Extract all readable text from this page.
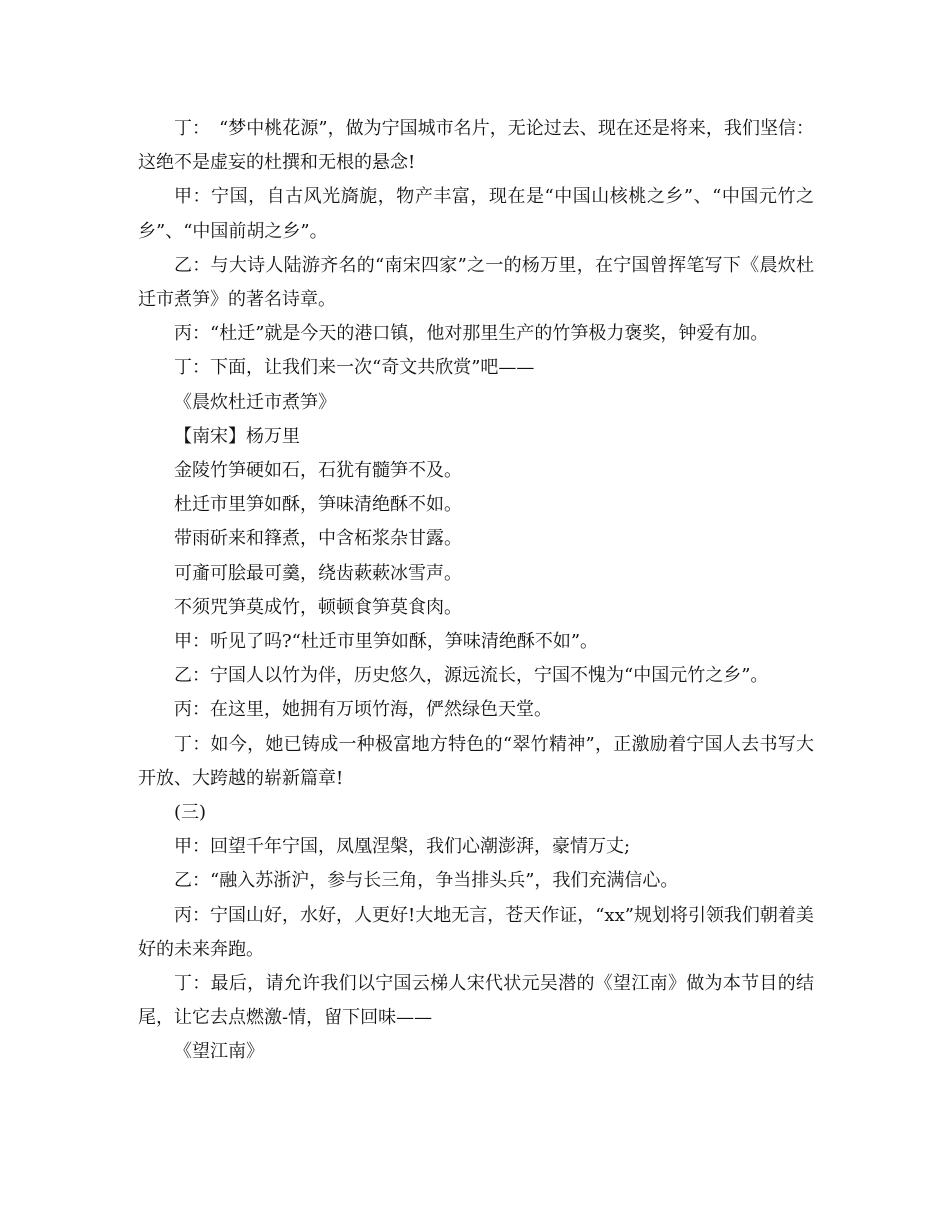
丁：　“梦中桃花源”，做为宁国城市名片，无论过去、现在还是将来，我们坚信：这绝不是虚妄的杜撰和无根的悬念!

甲：宁国，自古风光旖旎，物产丰富，现在是“中国山核桃之乡”、“中国元竹之乡”、“中国前胡之乡”。

乙：与大诗人陆游齐名的“南宋四家”之一的杨万里，在宁国曾挥笔写下《晨炊杜迁市煮笋》的著名诗章。

丙：“杜迁”就是今天的港口镇，他对那里生产的竹笋极力褒奖，钟爱有加。

丁：下面，让我们来一次“奇文共欣赏”吧——

《晨炊杜迁市煮笋》

【南宋】杨万里

金陵竹笋硬如石，石犹有髓笋不及。

杜迁市里笋如酥，笋味清绝酥不如。

带雨斫来和箨煮，中含柘浆杂甘露。

可齑可脍最可羹，绕齿蔌蔌冰雪声。

不须咒笋莫成竹，顿顿食笋莫食肉。

甲：听见了吗?“杜迁市里笋如酥，笋味清绝酥不如”。

乙：宁国人以竹为伴，历史悠久，源远流长，宁国不愧为“中国元竹之乡”。

丙：在这里，她拥有万顷竹海，俨然绿色天堂。

丁：如今，她已铸成一种极富地方特色的“翠竹精神”，正激励着宁国人去书写大开放、大跨越的崭新篇章!

(三)

甲：回望千年宁国，凤凰涅槃，我们心潮澎湃，豪情万丈;

乙：“融入苏浙沪，参与长三角，争当排头兵”，我们充满信心。

丙：宁国山好，水好，人更好!大地无言，苍天作证，“xx”规划将引领我们朝着美

好的未来奔跑。

丁：最后，请允许我们以宁国云梯人宋代状元吴潜的《望江南》做为本节目的结尾，让它去点燃激-情，留下回味——

《望江南》
